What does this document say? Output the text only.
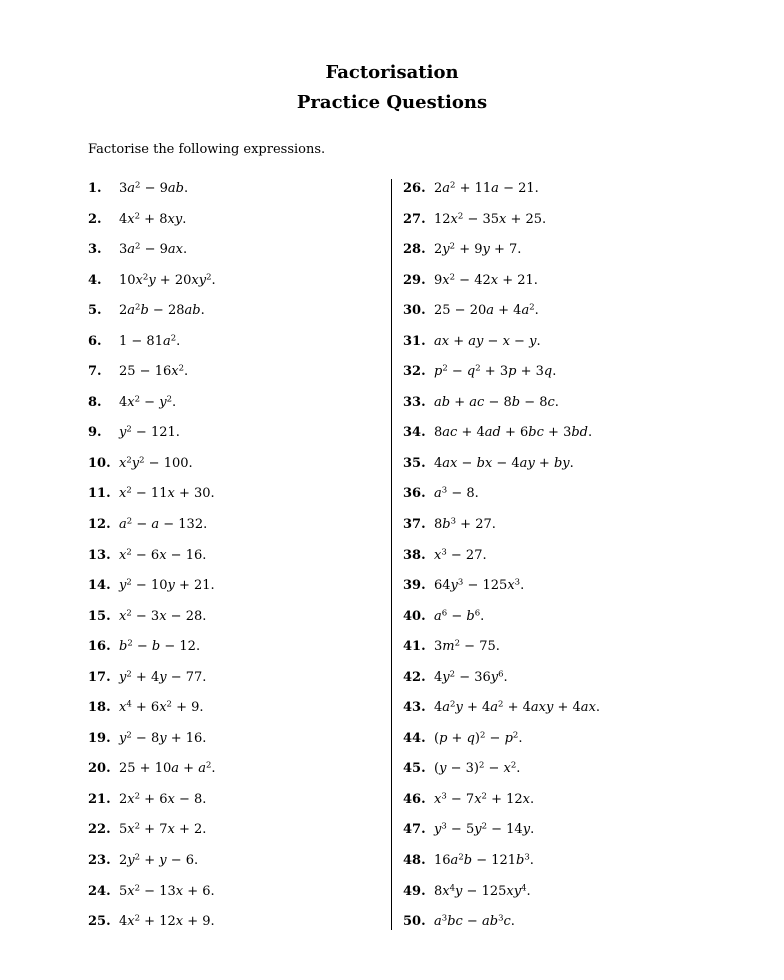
Factorisation
Practice Questions
Factorise the following expressions.
1. $3a^2 - 9ab$.
2. $4x^2 + 8xy$.
3. $3a^2 - 9ax$.
4. $10x^2y + 20xy^2$.
5. $2a^2b - 28ab$.
6. $1 - 81a^2$.
7. $25 - 16x^2$.
8. $4x^2 - y^2$.
9. $y^2 - 121$.
10. $x^2y^2 - 100$.
11. $x^2 - 11x + 30$.
12. $a^2 - a - 132$.
13. $x^2 - 6x - 16$.
14. $y^2 - 10y + 21$.
15. $x^2 - 3x - 28$.
16. $b^2 - b - 12$.
17. $y^2 + 4y - 77$.
18. $x^4 + 6x^2 + 9$.
19. $y^2 - 8y + 16$.
20. $25 + 10a + a^2$.
21. $2x^2 + 6x - 8$.
22. $5x^2 + 7x + 2$.
23. $2y^2 + y - 6$.
24. $5x^2 - 13x + 6$.
25. $4x^2 + 12x + 9$.
26. $2a^2 + 11a - 21$.
27. $12x^2 - 35x + 25$.
28. $2y^2 + 9y + 7$.
29. $9x^2 - 42x + 21$.
30. $25 - 20a + 4a^2$.
31. ax + ay − x − y.
32. $p^2 - q^2 + 3p + 3q$.
33. ab + ac − 8b − 8c.
34. 8ac + 4ad + 6bc + 3bd.
35. 4ax − bx − 4ay + by.
36. $a^3 - 8$.
37. $8b^3 + 27$.
38. $x^3 - 27$.
39. $64y^3 - 125x^3$.
40. $a^6 - b^6$.
41. $3m^2 - 75$.
42. $4y^2 - 36y^6$.
43. $4a^2y + 4a^2 + 4axy + 4ax$.
44. $(p + q)^2 - p^2$.
45. $(y - 3)^2 - x^2$.
46. $x^3 - 7x^2 + 12x$.
47. $y^3 - 5y^2 - 14y$.
48. $16a^2b - 121b^3$.
49. $8x^4y - 125xy^4$.
50. $a^3bc - ab^3c$.
